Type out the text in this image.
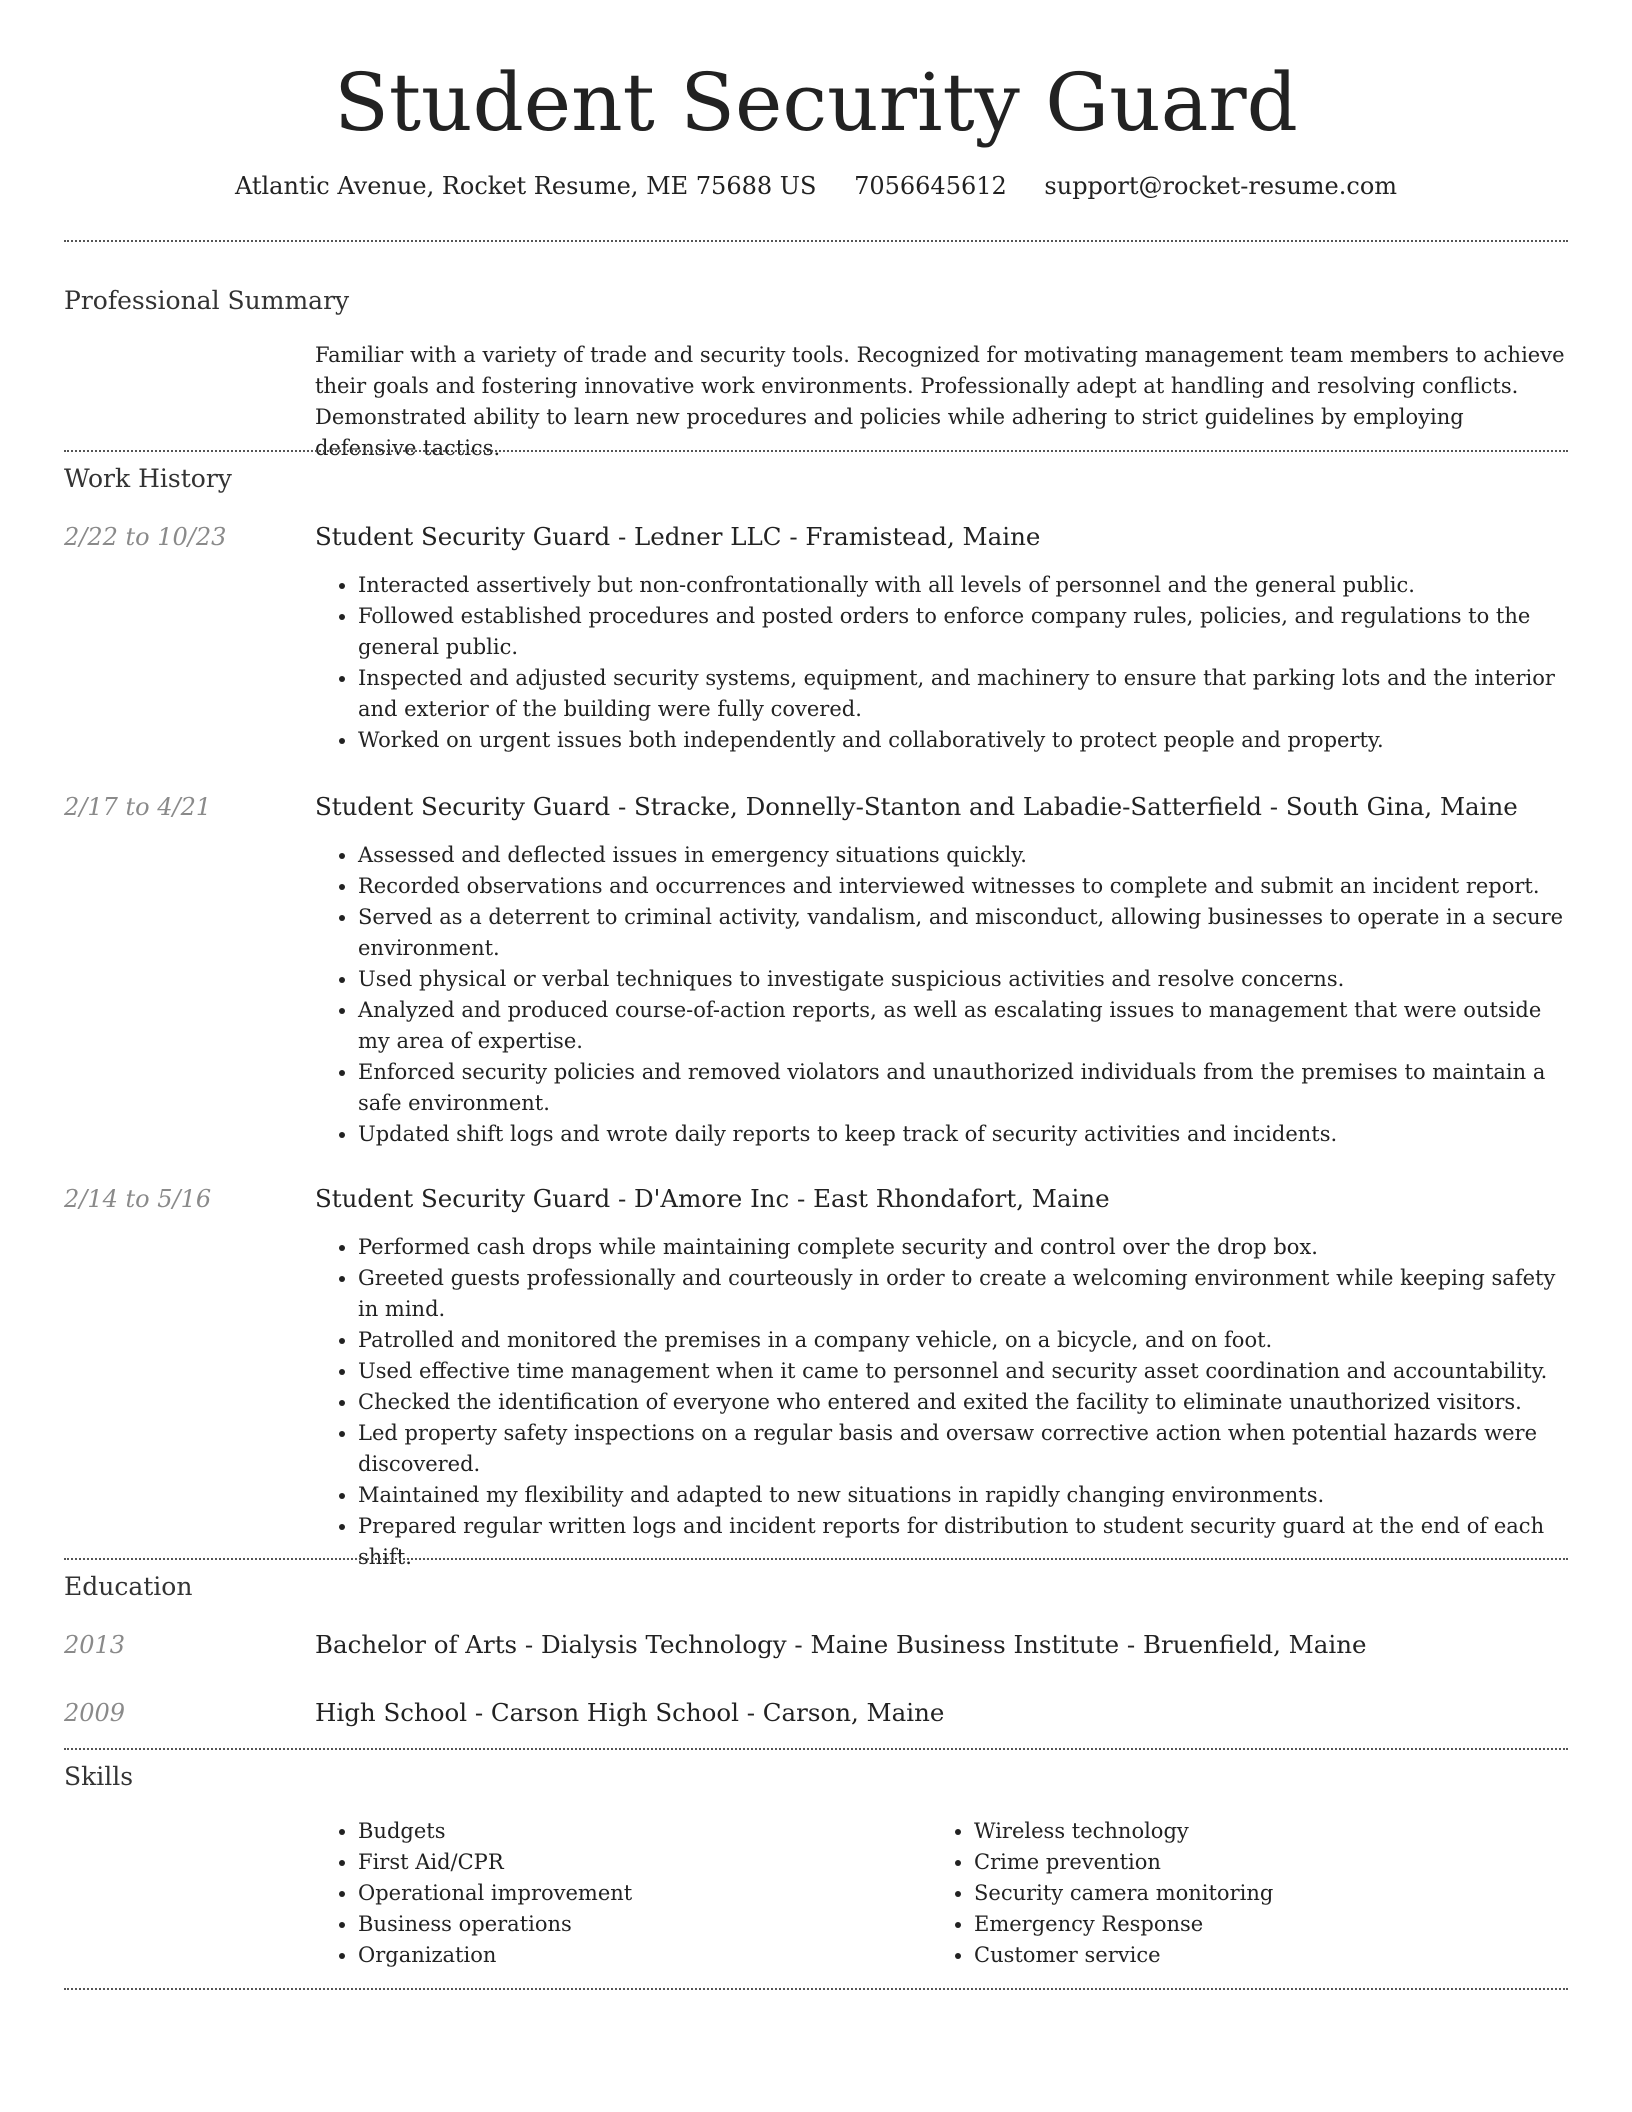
Student Security Guard
Atlantic Avenue, Rocket Resume, ME 75688 US 7056645612 support@rocket-resume.com
Professional Summary

Familiar with a variety of trade and security tools. Recognized for motivating management team members to achieve their goals and fostering innovative work environments. Professionally adept at handling and resolving conflicts. Demonstrated ability to learn new procedures and policies while adhering to strict guidelines by employing defensive tactics.

Work History
2/22 to 10/23	Student Security Guard - Ledner LLC - Framistead, Maine
• Interacted assertively but non-confrontationally with all levels of personnel and the general public.
• Followed established procedures and posted orders to enforce company rules, policies, and regulations to the general public.
• Inspected and adjusted security systems, equipment, and machinery to ensure that parking lots and the interior and exterior of the building were fully covered.
• Worked on urgent issues both independently and collaboratively to protect people and property.
2/17 to 4/21	Student Security Guard - Stracke, Donnelly-Stanton and Labadie-Satterfield - South Gina, Maine
• Assessed and deflected issues in emergency situations quickly.
• Recorded observations and occurrences and interviewed witnesses to complete and submit an incident report.
• Served as a deterrent to criminal activity, vandalism, and misconduct, allowing businesses to operate in a secure environment.
• Used physical or verbal techniques to investigate suspicious activities and resolve concerns.
• Analyzed and produced course-of-action reports, as well as escalating issues to management that were outside my area of expertise.
• Enforced security policies and removed violators and unauthorized individuals from the premises to maintain a safe environment.
• Updated shift logs and wrote daily reports to keep track of security activities and incidents.
2/14 to 5/16	Student Security Guard - D'Amore Inc - East Rhondafort, Maine
• Performed cash drops while maintaining complete security and control over the drop box.
• Greeted guests professionally and courteously in order to create a welcoming environment while keeping safety in mind.
• Patrolled and monitored the premises in a company vehicle, on a bicycle, and on foot.
• Used effective time management when it came to personnel and security asset coordination and accountability.
• Checked the identification of everyone who entered and exited the facility to eliminate unauthorized visitors.
• Led property safety inspections on a regular basis and oversaw corrective action when potential hazards were discovered.
• Maintained my flexibility and adapted to new situations in rapidly changing environments.
• Prepared regular written logs and incident reports for distribution to student security guard at the end of each shift.
Education
2013	Bachelor of Arts - Dialysis Technology - Maine Business Institute - Bruenfield, Maine
2009	High School - Carson High School - Carson, Maine
Skills
• Budgets
• First Aid/CPR
• Operational improvement
• Business operations
• Organization
• Wireless technology
• Crime prevention
• Security camera monitoring
• Emergency Response
• Customer service
